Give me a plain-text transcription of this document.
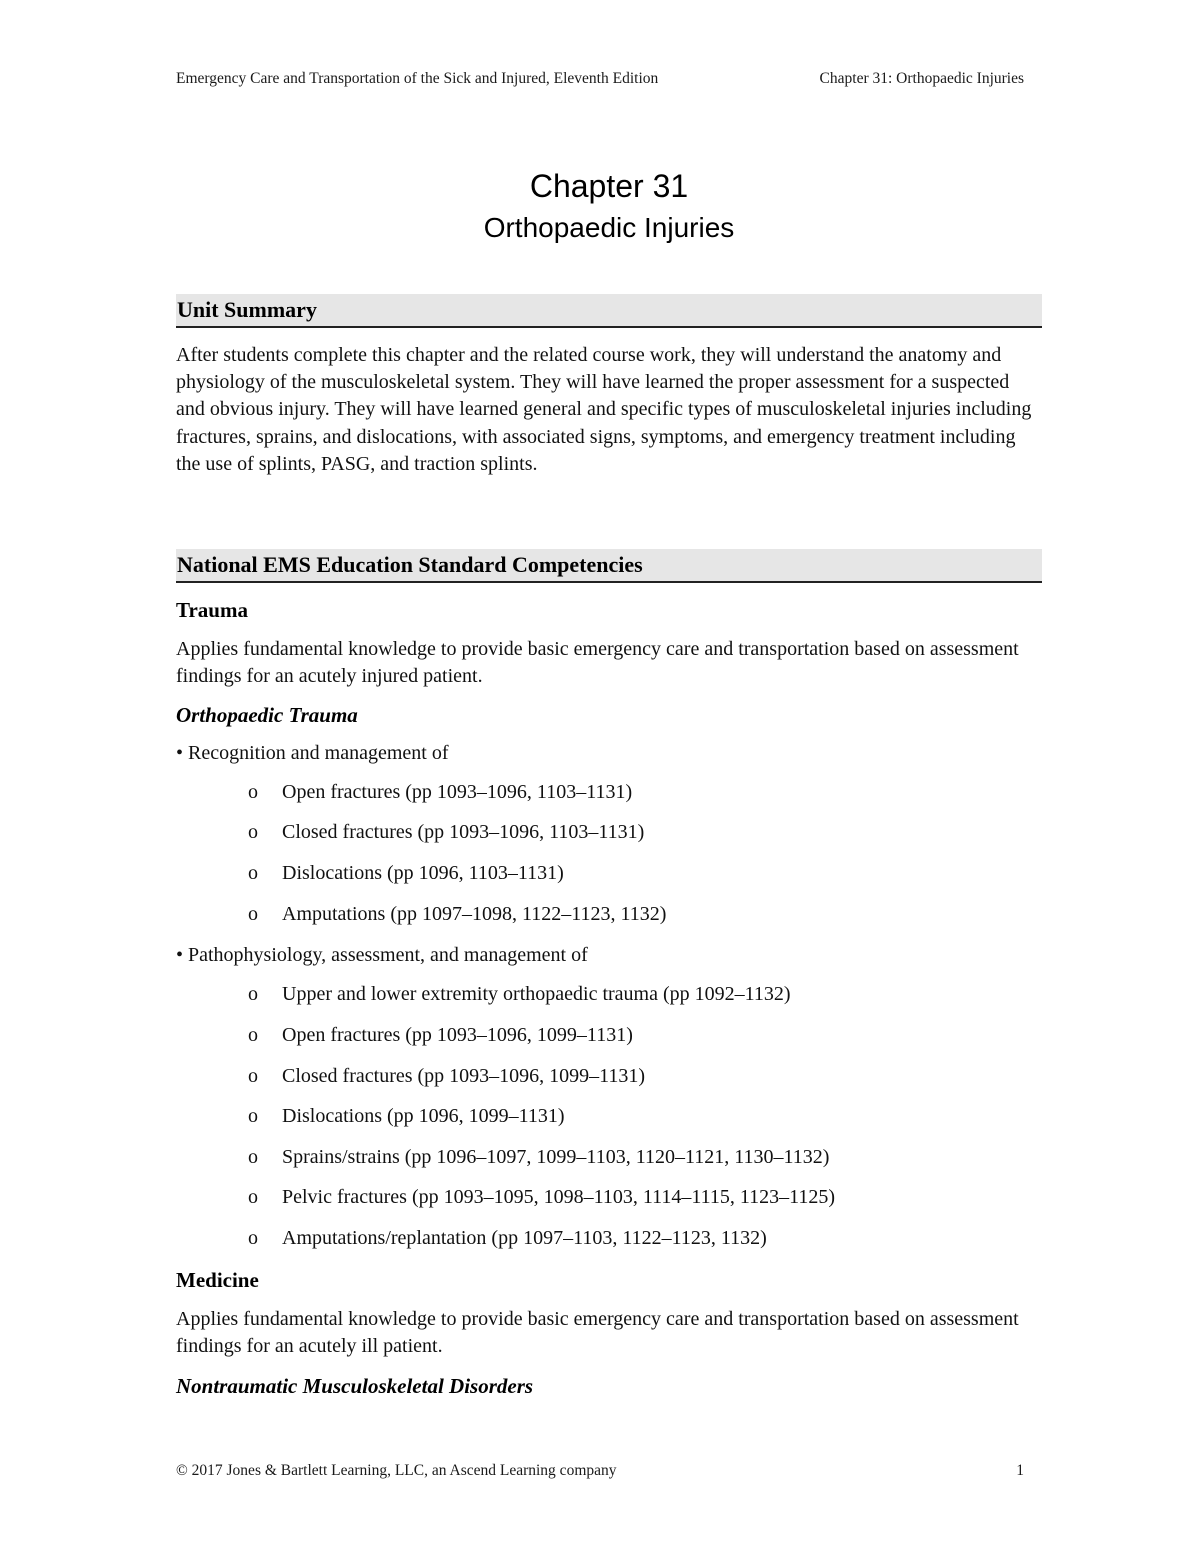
Emergency Care and Transportation of the Sick and Injured, Eleventh Edition	Chapter 31: Orthopaedic Injuries
Chapter 31
Orthopaedic Injuries
Unit Summary
After students complete this chapter and the related course work, they will understand the anatomy and physiology of the musculoskeletal system. They will have learned the proper assessment for a suspected and obvious injury. They will have learned general and specific types of musculoskeletal injuries including fractures, sprains, and dislocations, with associated signs, symptoms, and emergency treatment including the use of splints, PASG, and traction splints.
National EMS Education Standard Competencies
Trauma
Applies fundamental knowledge to provide basic emergency care and transportation based on assessment findings for an acutely injured patient.
Orthopaedic Trauma
• Recognition and management of
o Open fractures (pp 1093–1096, 1103–1131)
o Closed fractures (pp 1093–1096, 1103–1131)
o Dislocations (pp 1096, 1103–1131)
o Amputations (pp 1097–1098, 1122–1123, 1132)
• Pathophysiology, assessment, and management of
o Upper and lower extremity orthopaedic trauma (pp 1092–1132)
o Open fractures (pp 1093–1096, 1099–1131)
o Closed fractures (pp 1093–1096, 1099–1131)
o Dislocations (pp 1096, 1099–1131)
o Sprains/strains (pp 1096–1097, 1099–1103, 1120–1121, 1130–1132)
o Pelvic fractures (pp 1093–1095, 1098–1103, 1114–1115, 1123–1125)
o Amputations/replantation (pp 1097–1103, 1122–1123, 1132)
Medicine
Applies fundamental knowledge to provide basic emergency care and transportation based on assessment findings for an acutely ill patient.
Nontraumatic Musculoskeletal Disorders
© 2017 Jones & Bartlett Learning, LLC, an Ascend Learning company	1
